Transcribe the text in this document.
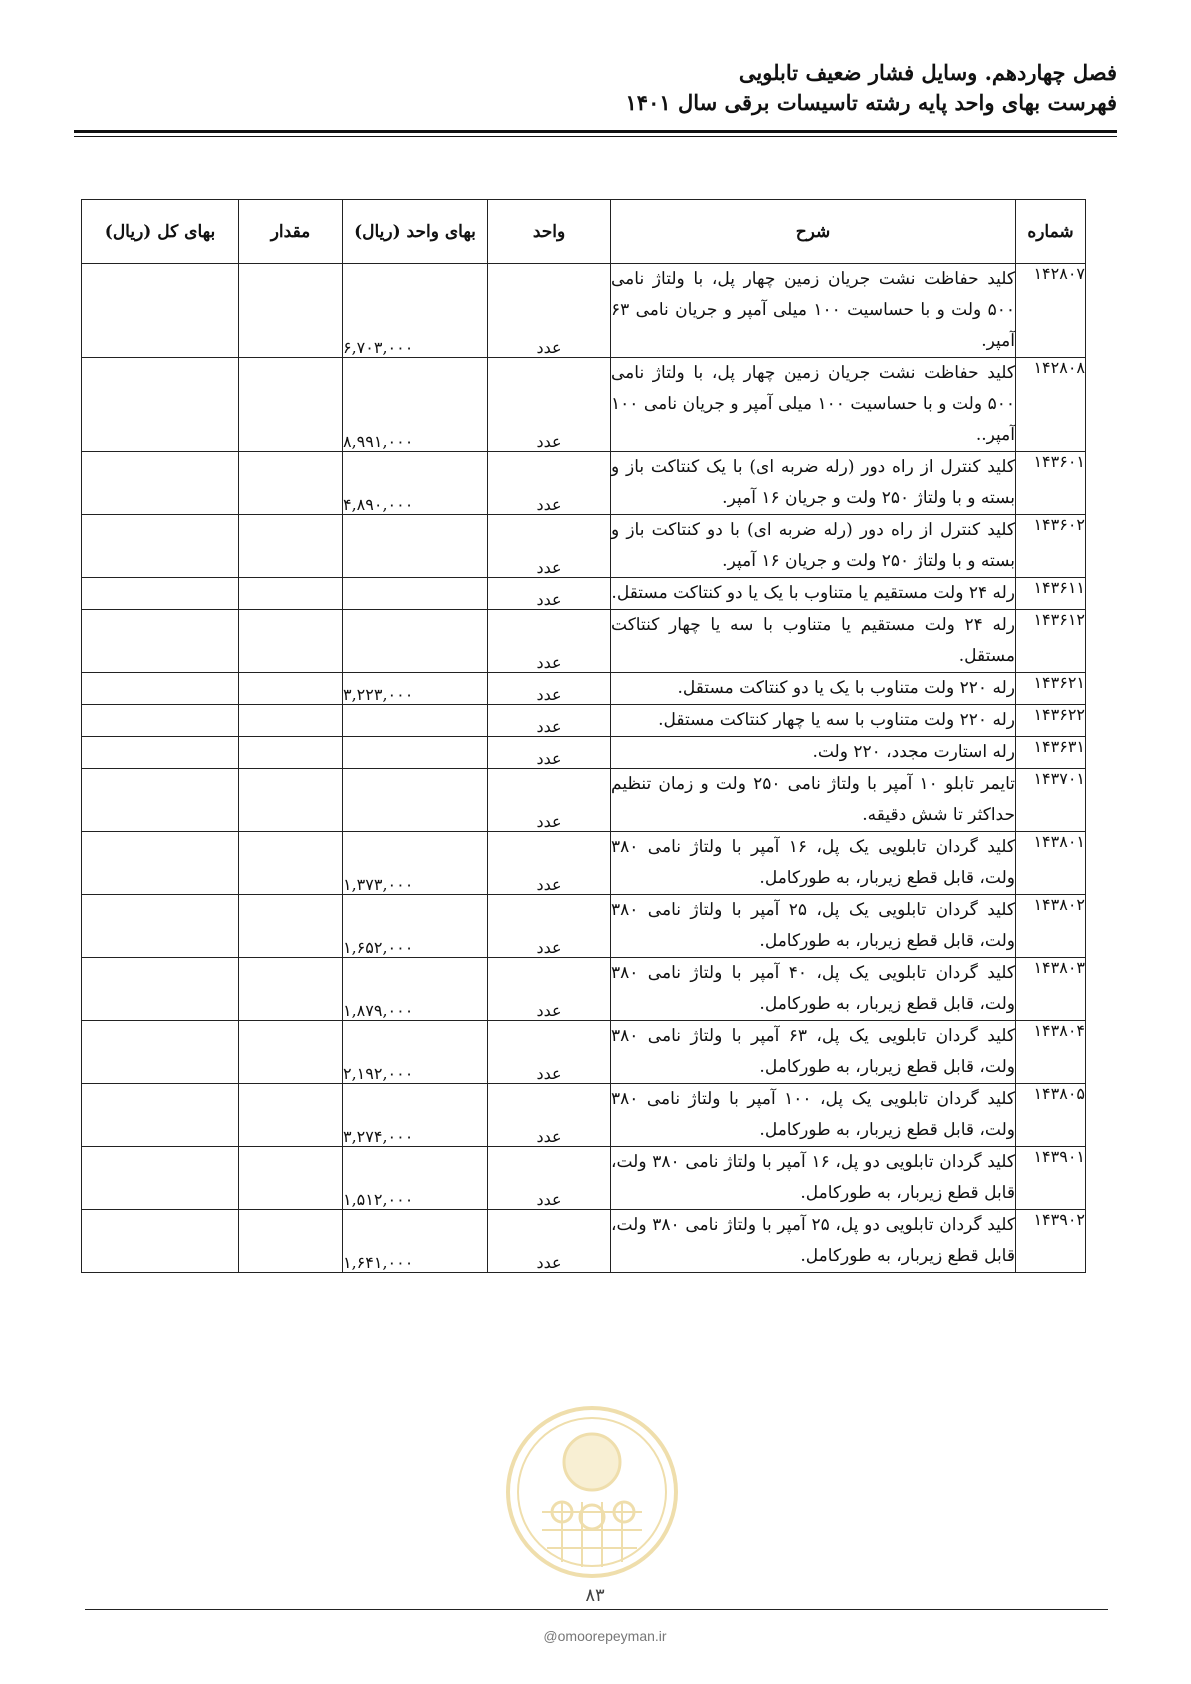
فصل چهاردهم. وسایل فشار ضعیف تابلویی
فهرست بهای واحد پایه رشته تاسیسات برقی سال ۱۴۰۱
شماره	شرح	واحد	بهای واحد (ریال)	مقدار	بهای کل (ریال)
۱۴۲۸۰۷	کلید حفاظت نشت جریان زمین چهار پل، با ولتاژ نامی ۵۰۰ ولت و با حساسیت ۱۰۰ میلی آمپر و جریان نامی ۶۳ آمپر.	عدد	۶,۷۰۳,۰۰۰		
۱۴۲۸۰۸	کلید حفاظت نشت جریان زمین چهار پل، با ولتاژ نامی ۵۰۰ ولت و با حساسیت ۱۰۰ میلی آمپر و جریان نامی ۱۰۰ آمپر..	عدد	۸,۹۹۱,۰۰۰		
۱۴۳۶۰۱	کلید کنترل از راه دور (رله ضربه ای) با یک کنتاکت باز و بسته و با ولتاژ ۲۵۰ ولت و جریان ۱۶ آمپر.	عدد	۴,۸۹۰,۰۰۰		
۱۴۳۶۰۲	کلید کنترل از راه دور (رله ضربه ای) با دو کنتاکت باز و بسته و با ولتاژ ۲۵۰ ولت و جریان ۱۶ آمپر.	عدد			
۱۴۳۶۱۱	رله ۲۴ ولت مستقیم یا متناوب با یک یا دو کنتاکت مستقل.	عدد			
۱۴۳۶۱۲	رله ۲۴ ولت مستقیم یا متناوب با سه یا چهار کنتاکت مستقل.	عدد			
۱۴۳۶۲۱	رله ۲۲۰ ولت متناوب با یک یا دو کنتاکت مستقل.	عدد	۳,۲۲۳,۰۰۰		
۱۴۳۶۲۲	رله ۲۲۰ ولت متناوب با سه یا چهار کنتاکت مستقل.	عدد			
۱۴۳۶۳۱	رله استارت مجدد، ۲۲۰ ولت.	عدد			
۱۴۳۷۰۱	تایمر تابلو ۱۰ آمپر با ولتاژ نامی ۲۵۰ ولت و زمان تنظیم حداکثر تا شش دقیقه.	عدد			
۱۴۳۸۰۱	کلید گردان تابلویی یک پل، ۱۶ آمپر با ولتاژ نامی ۳۸۰ ولت، قابل قطع زیربار، به طورکامل.	عدد	۱,۳۷۳,۰۰۰		
۱۴۳۸۰۲	کلید گردان تابلویی یک پل، ۲۵ آمپر با ولتاژ نامی ۳۸۰ ولت، قابل قطع زیربار، به طورکامل.	عدد	۱,۶۵۲,۰۰۰		
۱۴۳۸۰۳	کلید گردان تابلویی یک پل، ۴۰ آمپر با ولتاژ نامی ۳۸۰ ولت، قابل قطع زیربار، به طورکامل.	عدد	۱,۸۷۹,۰۰۰		
۱۴۳۸۰۴	کلید گردان تابلویی یک پل، ۶۳ آمپر با ولتاژ نامی ۳۸۰ ولت، قابل قطع زیربار، به طورکامل.	عدد	۲,۱۹۲,۰۰۰		
۱۴۳۸۰۵	کلید گردان تابلویی یک پل، ۱۰۰ آمپر با ولتاژ نامی ۳۸۰ ولت، قابل قطع زیربار، به طورکامل.	عدد	۳,۲۷۴,۰۰۰		
۱۴۳۹۰۱	کلید گردان تابلویی دو پل، ۱۶ آمپر با ولتاژ نامی ۳۸۰ ولت، قابل قطع زیربار، به طورکامل.	عدد	۱,۵۱۲,۰۰۰		
۱۴۳۹۰۲	کلید گردان تابلویی دو پل، ۲۵ آمپر با ولتاژ نامی ۳۸۰ ولت، قابل قطع زیربار، به طورکامل.	عدد	۱,۶۴۱,۰۰۰		
۸۳
@omoorepeyman.ir
